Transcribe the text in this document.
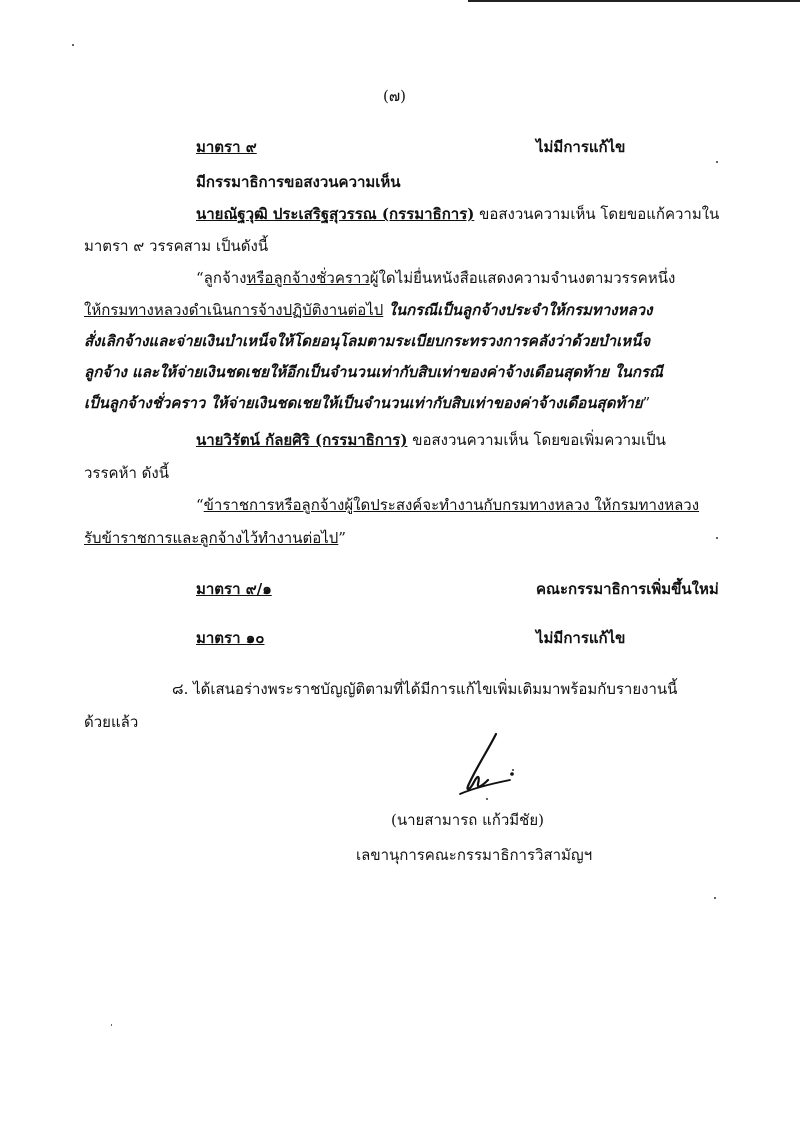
(๗)
มาตรา ๙	ไม่มีการแก้ไข
มีกรรมาธิการขอสงวนความเห็น
นายณัฐวุฒิ ประเสริฐสุวรรณ (กรรมาธิการ) ขอสงวนความเห็น โดยขอแก้ความใน
มาตรา ๙ วรรคสาม เป็นดังนี้
“ลูกจ้างหรือลูกจ้างชั่วคราวผู้ใดไม่ยื่นหนังสือแสดงความจำนงตามวรรคหนึ่ง
ให้กรมทางหลวงดำเนินการจ้างปฏิบัติงานต่อไป ในกรณีเป็นลูกจ้างประจำให้กรมทางหลวง
สั่งเลิกจ้างและจ่ายเงินบำเหน็จให้โดยอนุโลมตามระเบียบกระทรวงการคลังว่าด้วยบำเหน็จ
ลูกจ้าง และให้จ่ายเงินชดเชยให้อีกเป็นจำนวนเท่ากับสิบเท่าของค่าจ้างเดือนสุดท้าย ในกรณี
เป็นลูกจ้างชั่วคราว ให้จ่ายเงินชดเชยให้เป็นจำนวนเท่ากับสิบเท่าของค่าจ้างเดือนสุดท้าย”
นายวิรัตน์ กัลยศิริ (กรรมาธิการ) ขอสงวนความเห็น โดยขอเพิ่มความเป็น
วรรคห้า ดังนี้
“ข้าราชการหรือลูกจ้างผู้ใดประสงค์จะทำงานกับกรมทางหลวง ให้กรมทางหลวง
รับข้าราชการและลูกจ้างไว้ทำงานต่อไป”
มาตรา ๙/๑	คณะกรรมาธิการเพิ่มขึ้นใหม่
มาตรา ๑๐	ไม่มีการแก้ไข
๘. ได้เสนอร่างพระราชบัญญัติตามที่ได้มีการแก้ไขเพิ่มเติมมาพร้อมกับรายงานนี้
ด้วยแล้ว
(นายสามารถ แก้วมีชัย)
เลขานุการคณะกรรมาธิการวิสามัญฯ
